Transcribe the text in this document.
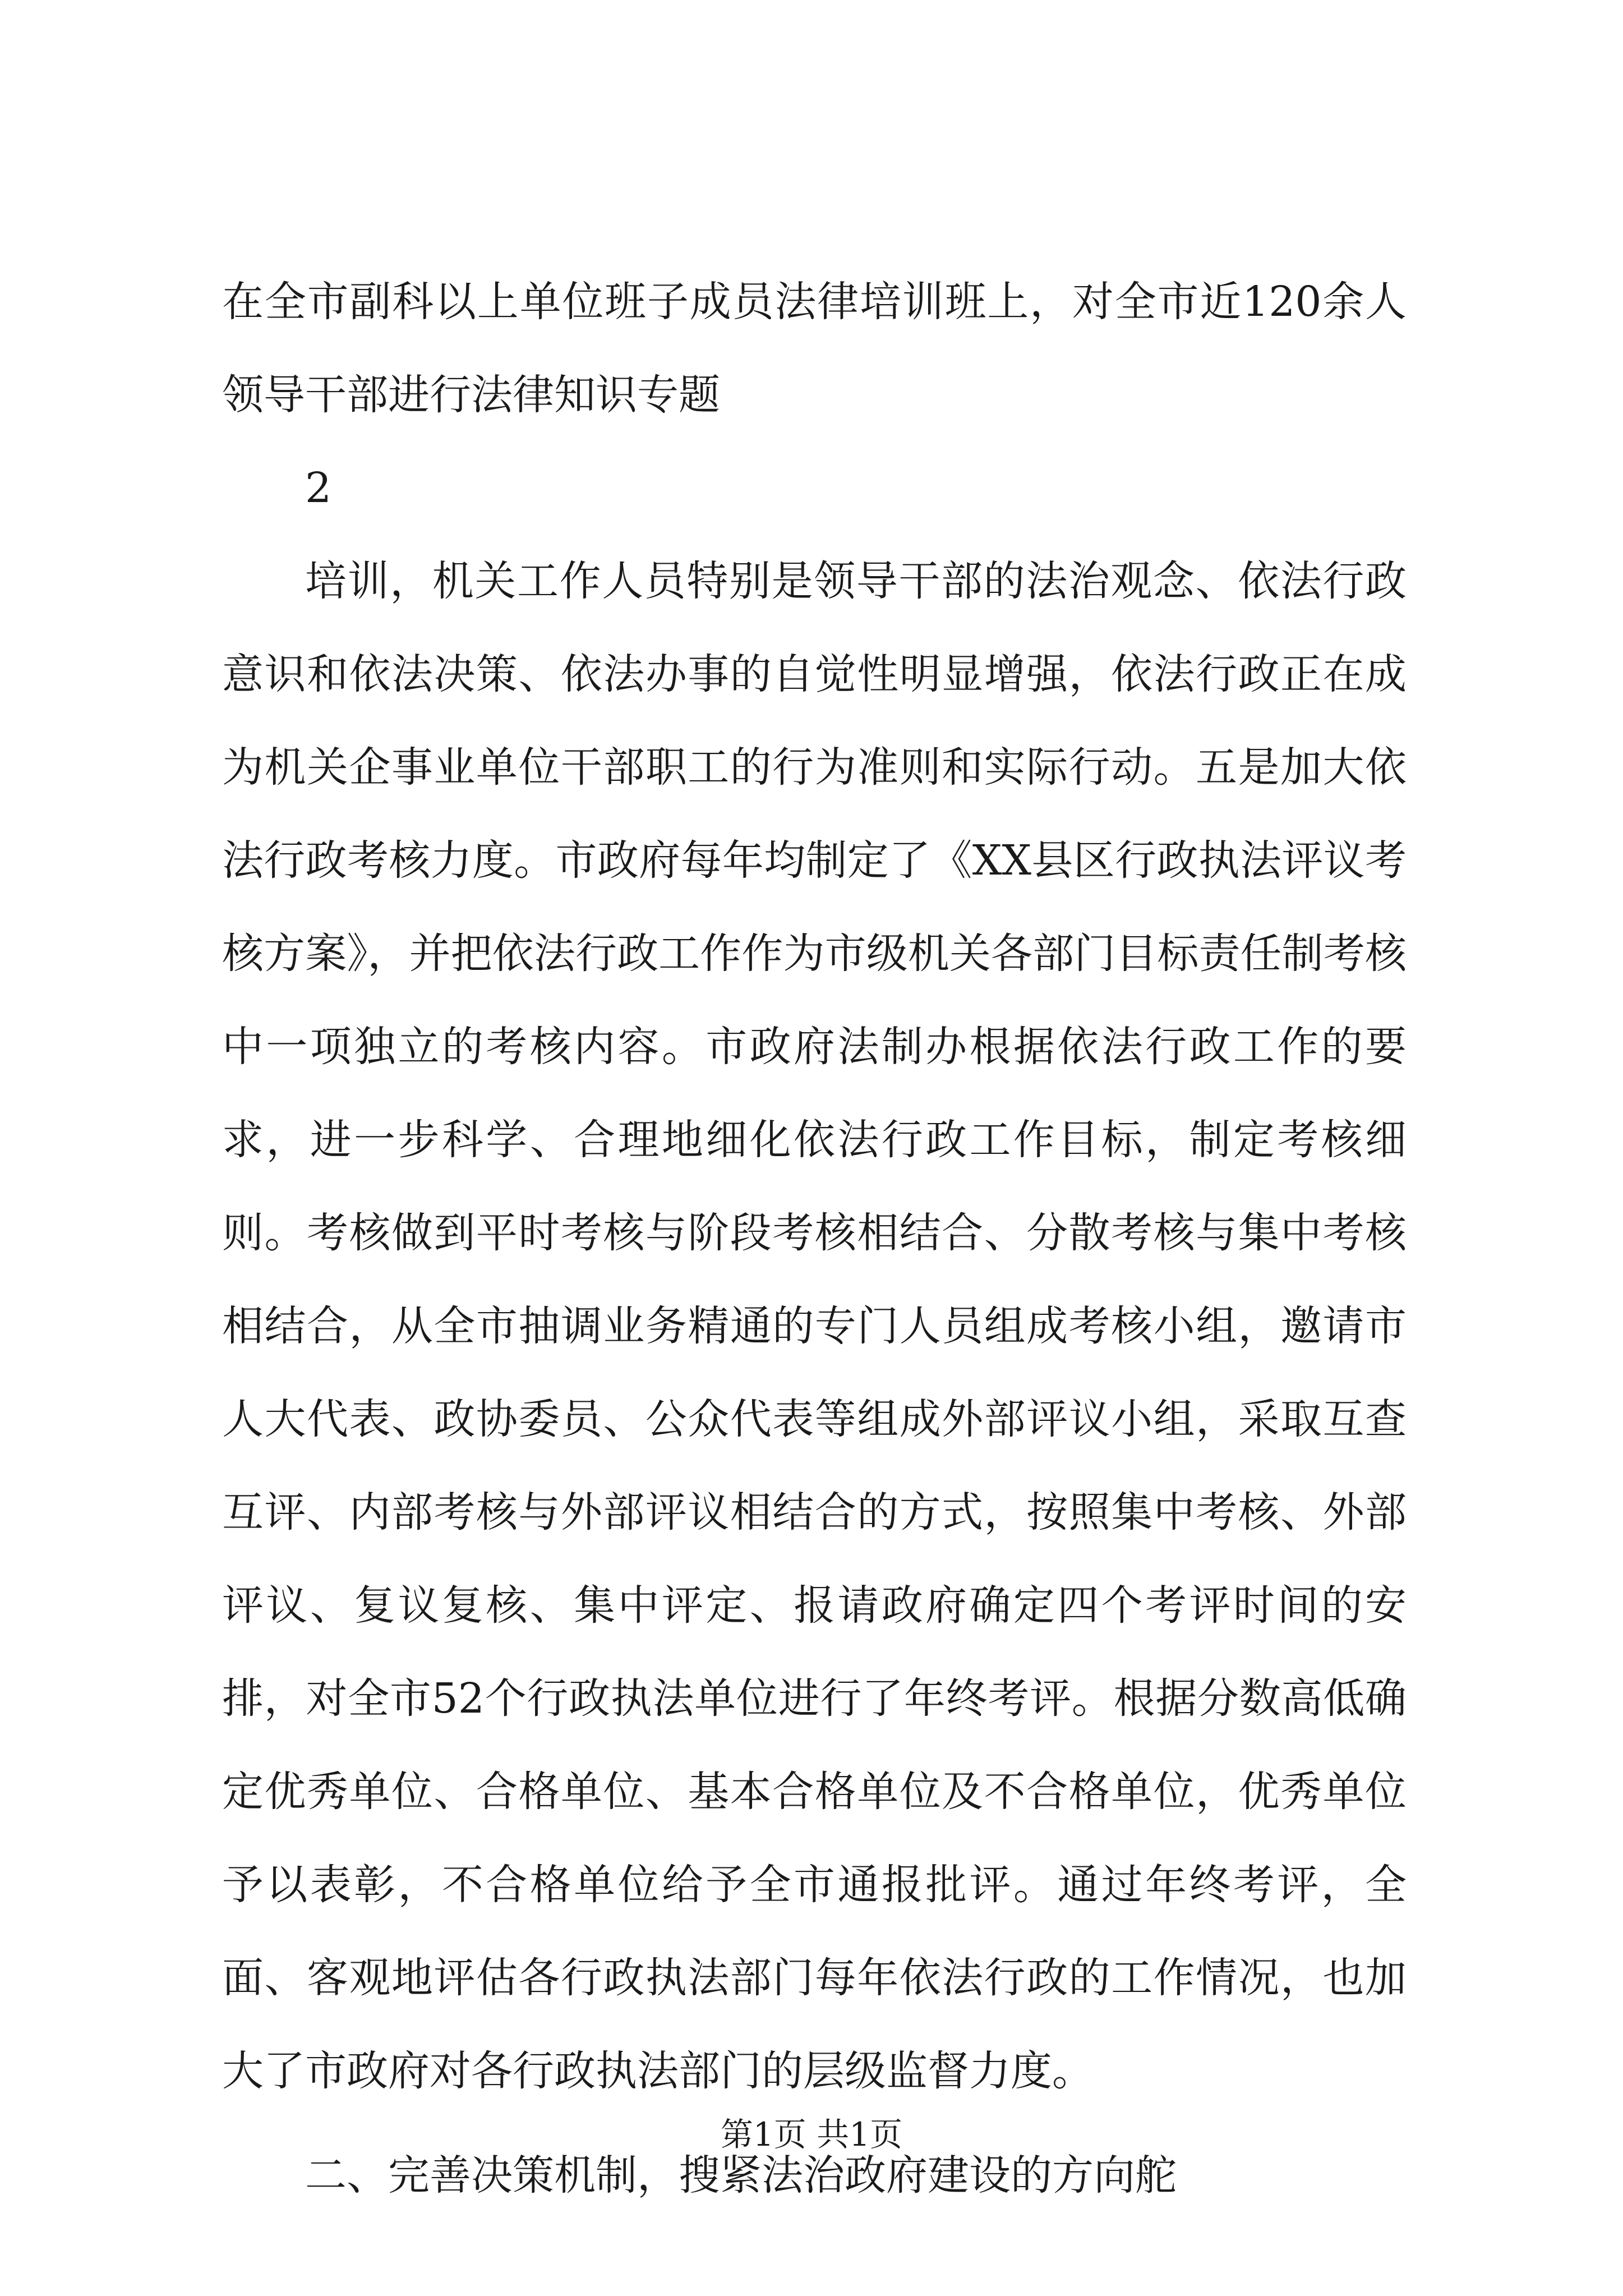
在全市副科以上单位班子成员法律培训班上，对全市近120余人领导干部进行法律知识专题

2

培训，机关工作人员特别是领导干部的法治观念、依法行政意识和依法决策、依法办事的自觉性明显增强，依法行政正在成为机关企事业单位干部职工的行为准则和实际行动。五是加大依法行政考核力度。市政府每年均制定了《XX县区行政执法评议考核方案》，并把依法行政工作作为市级机关各部门目标责任制考核中一项独立的考核内容。市政府法制办根据依法行政工作的要求，进一步科学、合理地细化依法行政工作目标，制定考核细则。考核做到平时考核与阶段考核相结合、分散考核与集中考核相结合，从全市抽调业务精通的专门人员组成考核小组，邀请市人大代表、政协委员、公众代表等组成外部评议小组，采取互查互评、内部考核与外部评议相结合的方式，按照集中考核、外部评议、复议复核、集中评定、报请政府确定四个考评时间的安排，对全市52个行政执法单位进行了年终考评。根据分数高低确定优秀单位、合格单位、基本合格单位及不合格单位，优秀单位予以表彰，不合格单位给予全市通报批评。通过年终考评，全面、客观地评估各行政执法部门每年依法行政的工作情况，也加大了市政府对各行政执法部门的层级监督力度。

二、完善决策机制，搜紧法治政府建设的方向舵

第1页 共1页
